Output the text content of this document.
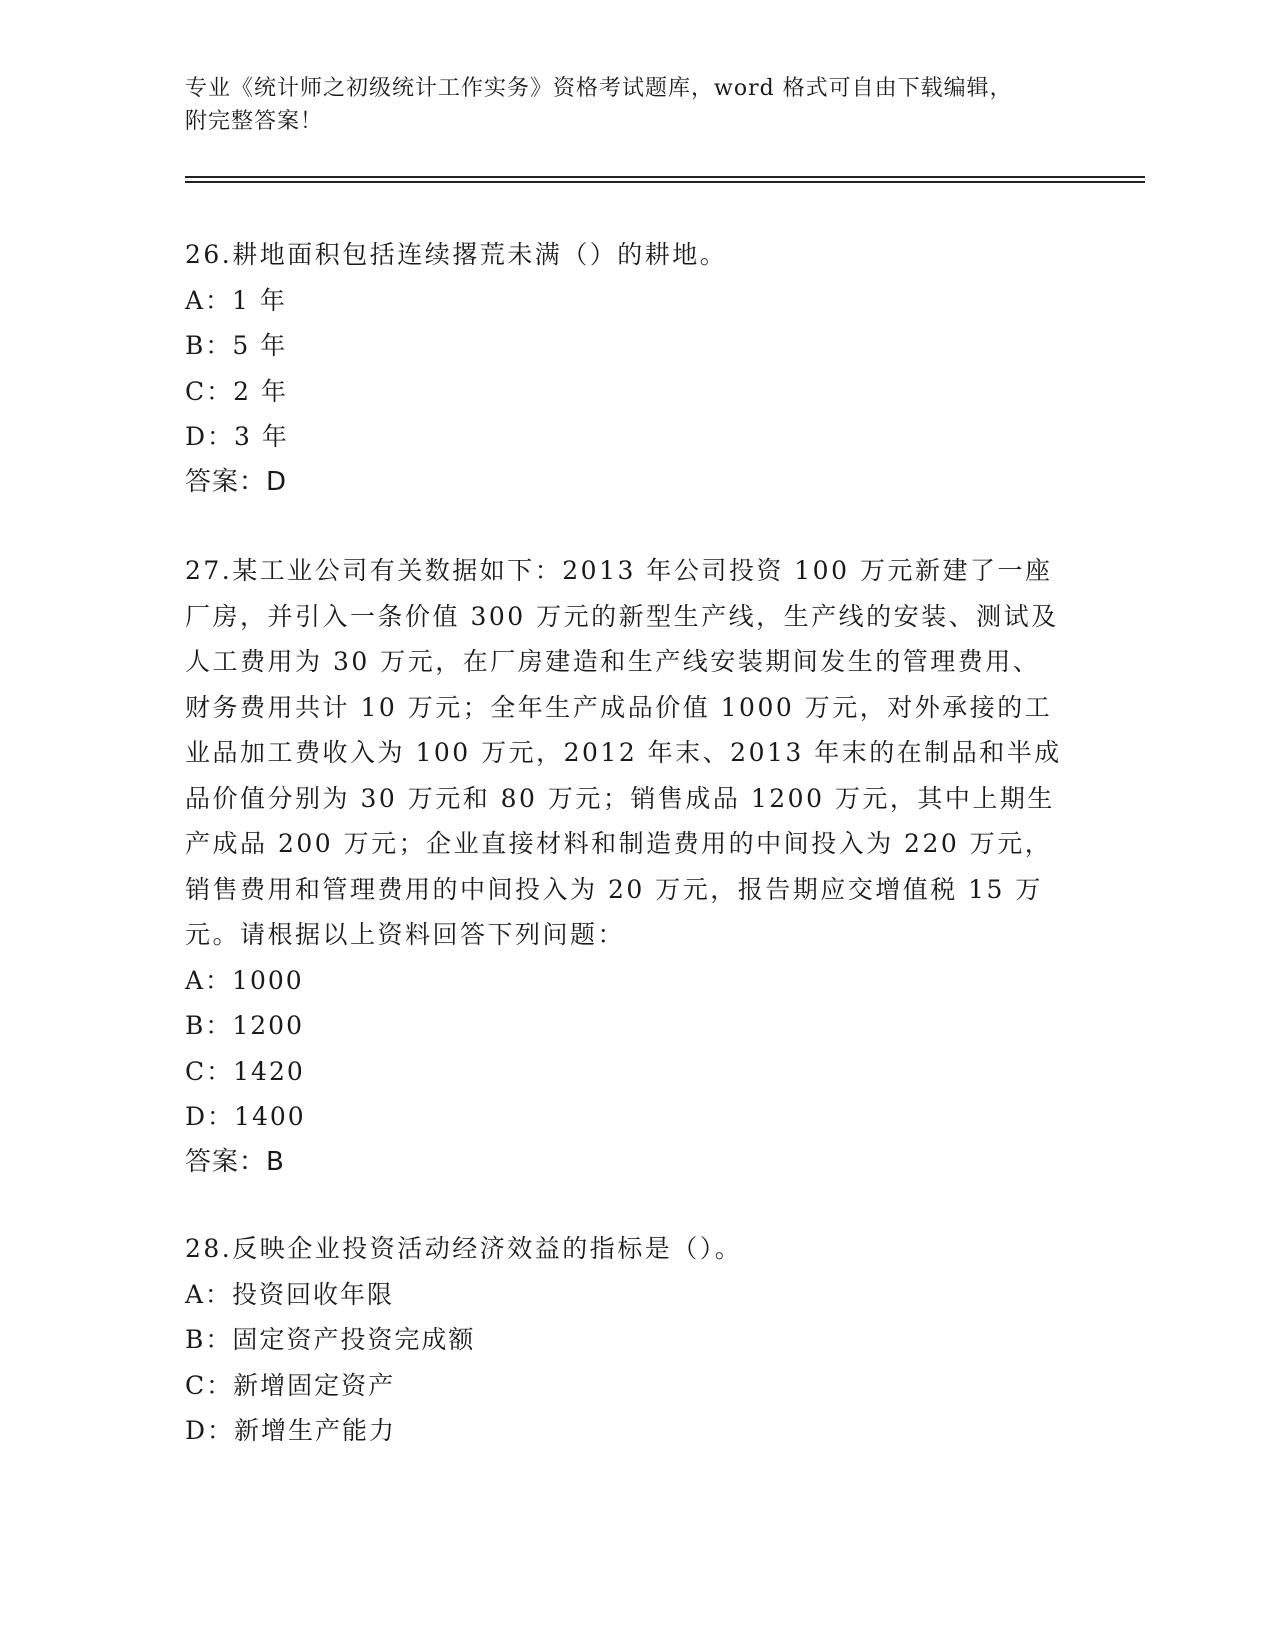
专业《统计师之初级统计工作实务》资格考试题库，word 格式可自由下载编辑，
附完整答案！

26.耕地面积包括连续撂荒未满（）的耕地。

A：1 年

B：5 年

C：2 年

D：3 年

答案：D

27.某工业公司有关数据如下：2013 年公司投资 100 万元新建了一座厂房，并引入一条价值 300 万元的新型生产线，生产线的安装、测试及人工费用为 30 万元，在厂房建造和生产线安装期间发生的管理费用、财务费用共计 10 万元；全年生产成品价值 1000 万元，对外承接的工业品加工费收入为 100 万元，2012 年末、2013 年末的在制品和半成品价值分别为 30 万元和 80 万元；销售成品 1200 万元，其中上期生产成品 200 万元；企业直接材料和制造费用的中间投入为 220 万元，销售费用和管理费用的中间投入为 20 万元，报告期应交增值税 15 万元。请根据以上资料回答下列问题：

A：1000

B：1200

C：1420

D：1400

答案：B

28.反映企业投资活动经济效益的指标是（）。

A：投资回收年限

B：固定资产投资完成额

C：新增固定资产

D：新增生产能力
